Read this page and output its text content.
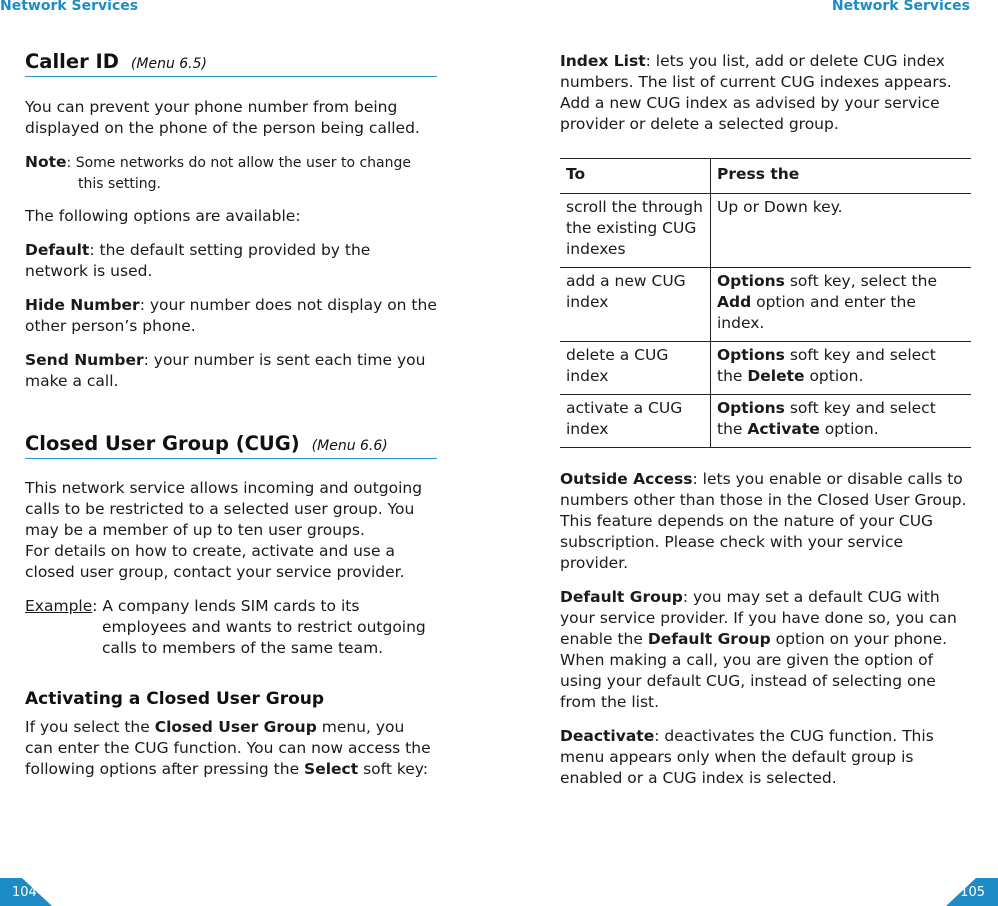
Network Services	Network Services
Caller ID (Menu 6.5)

You can prevent your phone number from being displayed on the phone of the person being called.

Note: Some networks do not allow the user to change this setting.

The following options are available:

Default: the default setting provided by the network is used.

Hide Number: your number does not display on the other person’s phone.

Send Number: your number is sent each time you make a call.

Closed User Group (CUG) (Menu 6.6)

This network service allows incoming and outgoing calls to be restricted to a selected user group. You may be a member of up to ten user groups.

For details on how to create, activate and use a closed user group, contact your service provider.

Example: A company lends SIM cards to its employees and wants to restrict outgoing calls to members of the same team.

Activating a Closed User Group

If you select the Closed User Group menu, you can enter the CUG function. You can now access the following options after pressing the Select soft key:

Index List: lets you list, add or delete CUG index numbers. The list of current CUG indexes appears. Add a new CUG index as advised by your service provider or delete a selected group.

To	Press the
scroll the through the existing CUG indexes	Up or Down key.
add a new CUG index	Options soft key, select the Add option and enter the index.
delete a CUG index	Options soft key and select the Delete option.
activate a CUG index	Options soft key and select the Activate option.

Outside Access: lets you enable or disable calls to numbers other than those in the Closed User Group. This feature depends on the nature of your CUG subscription. Please check with your service provider.

Default Group: you may set a default CUG with your service provider. If you have done so, you can enable the Default Group option on your phone. When making a call, you are given the option of using your default CUG, instead of selecting one from the list.

Deactivate: deactivates the CUG function. This menu appears only when the default group is enabled or a CUG index is selected.

104	105
